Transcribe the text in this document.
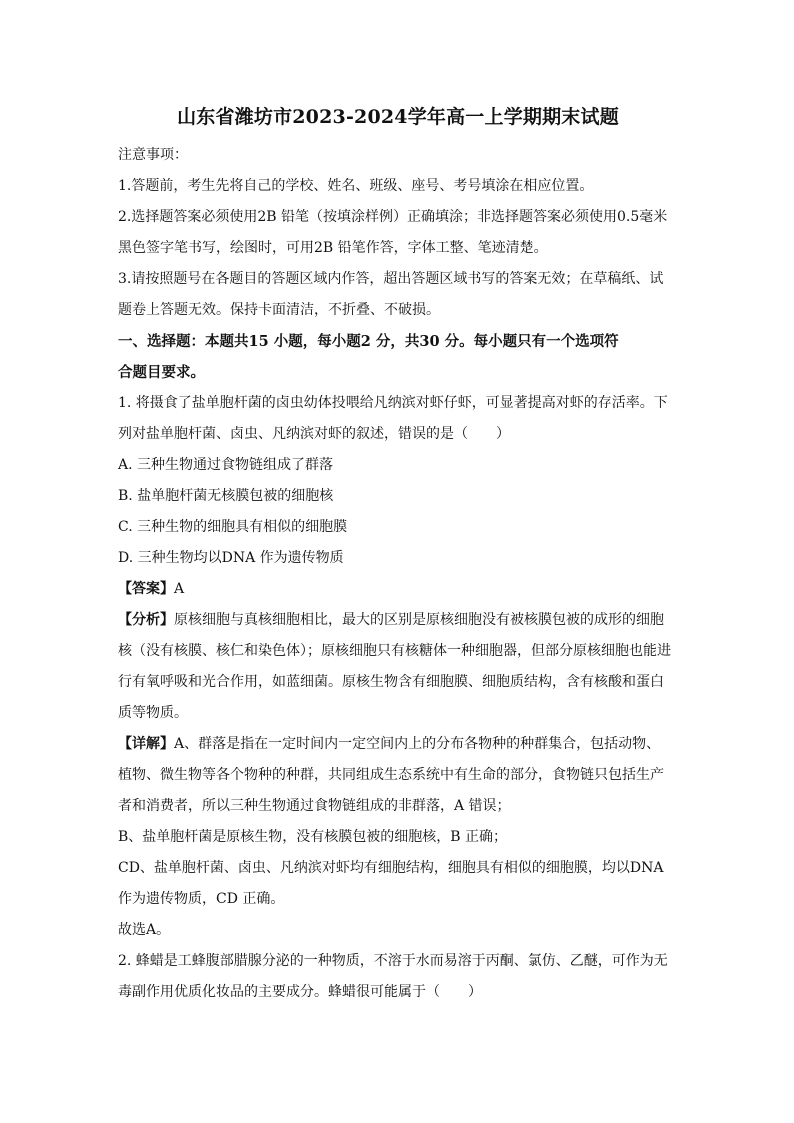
山东省潍坊市2023-2024学年高一上学期期末试题

注意事项：

1.答题前，考生先将自己的学校、姓名、班级、座号、考号填涂在相应位置。

2.选择题答案必须使用2B 铅笔（按填涂样例）正确填涂；非选择题答案必须使用0.5毫米

黑色签字笔书写，绘图时，可用2B 铅笔作答，字体工整、笔迹清楚。

3.请按照题号在各题目的答题区域内作答，超出答题区域书写的答案无效；在草稿纸、试

题卷上答题无效。保持卡面清洁，不折叠、不破损。

一、选择题：本题共15 小题，每小题2 分，共30 分。每小题只有一个选项符

合题目要求。

1. 将摄食了盐单胞杆菌的卤虫幼体投喂给凡纳滨对虾仔虾，可显著提高对虾的存活率。下

列对盐单胞杆菌、卤虫、凡纳滨对虾的叙述，错误的是（　　）

A. 三种生物通过食物链组成了群落

B. 盐单胞杆菌无核膜包被的细胞核

C. 三种生物的细胞具有相似的细胞膜

D. 三种生物均以DNA 作为遗传物质

【答案】A

【分析】原核细胞与真核细胞相比，最大的区别是原核细胞没有被核膜包被的成形的细胞

核（没有核膜、核仁和染色体）；原核细胞只有核糖体一种细胞器，但部分原核细胞也能进

行有氧呼吸和光合作用，如蓝细菌。原核生物含有细胞膜、细胞质结构，含有核酸和蛋白

质等物质。

【详解】A、群落是指在一定时间内一定空间内上的分布各物种的种群集合，包括动物、

植物、微生物等各个物种的种群，共同组成生态系统中有生命的部分，食物链只包括生产

者和消费者，所以三种生物通过食物链组成的非群落，A 错误；

B、盐单胞杆菌是原核生物，没有核膜包被的细胞核，B 正确；

CD、盐单胞杆菌、卤虫、凡纳滨对虾均有细胞结构，细胞具有相似的细胞膜，均以DNA

作为遗传物质，CD 正确。

故选A。

2. 蜂蜡是工蜂腹部腊腺分泌的一种物质，不溶于水而易溶于丙酮、氯仿、乙醚，可作为无

毒副作用优质化妆品的主要成分。蜂蜡很可能属于（　　）
